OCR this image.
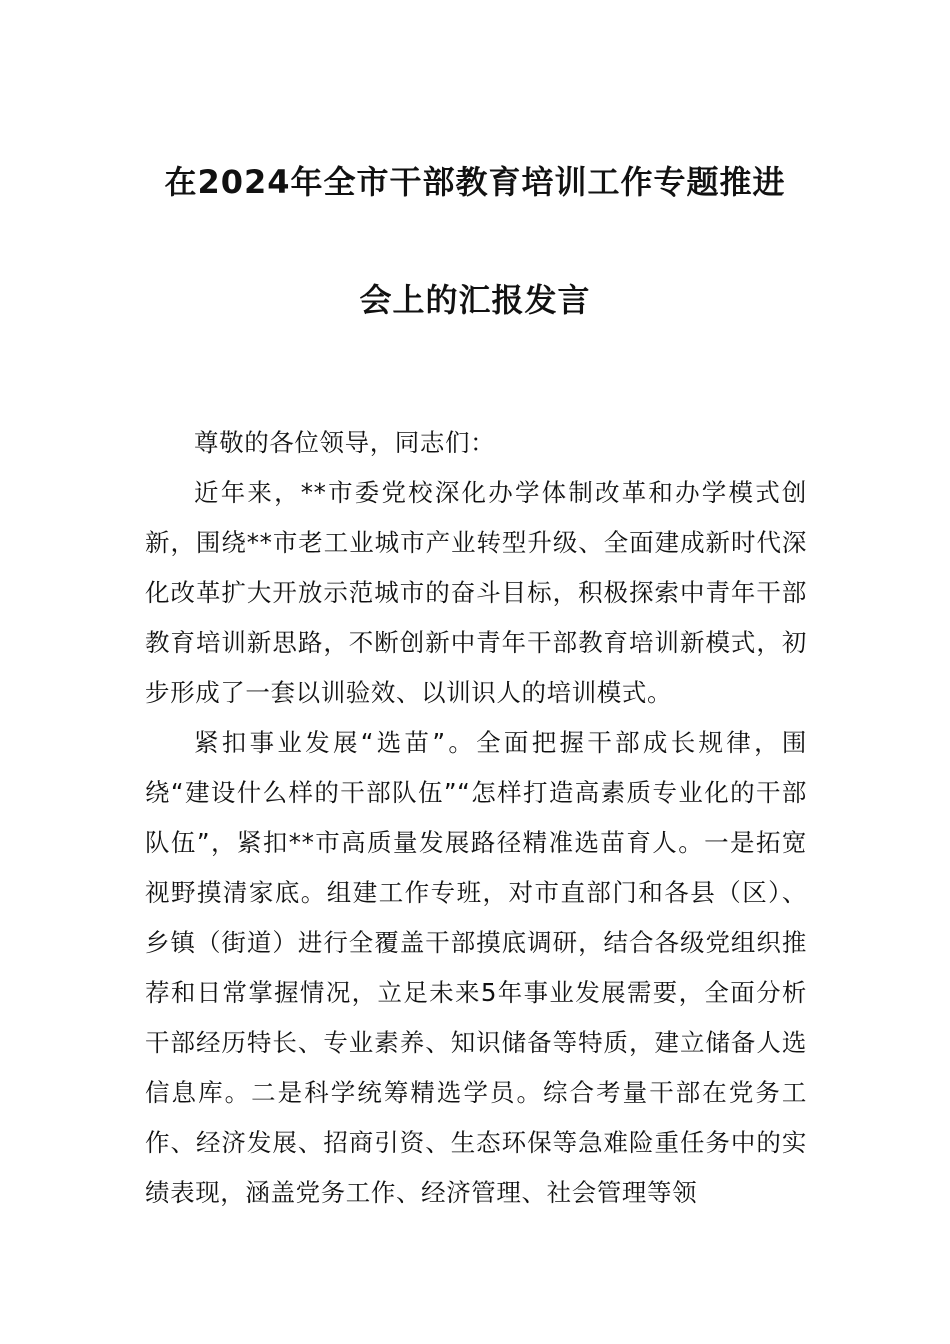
在2024年全市干部教育培训工作专题推进
会上的汇报发言

尊敬的各位领导，同志们：

近年来，**市委党校深化办学体制改革和办学模式创新，围绕**市老工业城市产业转型升级、全面建成新时代深化改革扩大开放示范城市的奋斗目标，积极探索中青年干部教育培训新思路，不断创新中青年干部教育培训新模式，初步形成了一套以训验效、以训识人的培训模式。

紧扣事业发展“选苗”。全面把握干部成长规律，围绕“建设什么样的干部队伍”“怎样打造高素质专业化的干部队伍”，紧扣**市高质量发展路径精准选苗育人。一是拓宽视野摸清家底。组建工作专班，对市直部门和各县（区）、乡镇（街道）进行全覆盖干部摸底调研，结合各级党组织推荐和日常掌握情况，立足未来5年事业发展需要，全面分析干部经历特长、专业素养、知识储备等特质，建立储备人选信息库。二是科学统筹精选学员。综合考量干部在党务工作、经济发展、招商引资、生态环保等急难险重任务中的实绩表现，涵盖党务工作、经济管理、社会管理等领
